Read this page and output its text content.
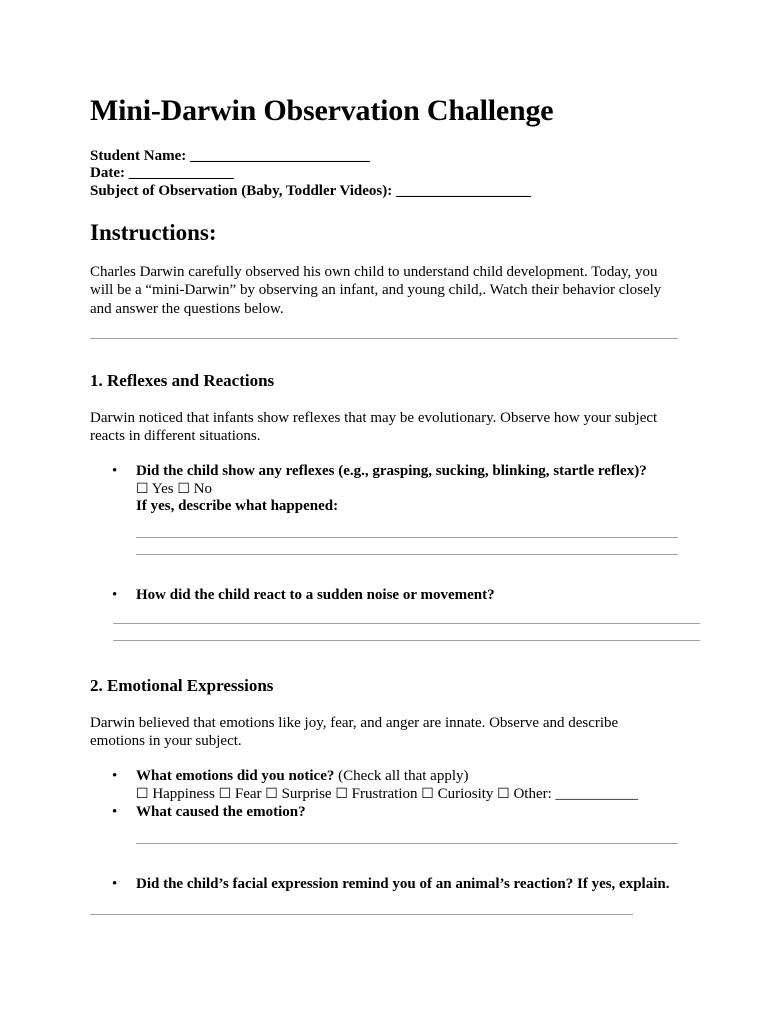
Mini-Darwin Observation Challenge
Student Name: ________________________
Date: ______________
Subject of Observation (Baby, Toddler Videos): __________________
Instructions:
Charles Darwin carefully observed his own child to understand child development. Today, you
will be a “mini-Darwin” by observing an infant, and young child,. Watch their behavior closely
and answer the questions below.
1. Reflexes and Reactions
Darwin noticed that infants show reflexes that may be evolutionary. Observe how your subject
reacts in different situations.
• Did the child show any reflexes (e.g., grasping, sucking, blinking, startle reflex)?
☐ Yes ☐ No
If yes, describe what happened:
• How did the child react to a sudden noise or movement?
2. Emotional Expressions
Darwin believed that emotions like joy, fear, and anger are innate. Observe and describe
emotions in your subject.
• What emotions did you notice? (Check all that apply)
☐ Happiness ☐ Fear ☐ Surprise ☐ Frustration ☐ Curiosity ☐ Other: ___________
• What caused the emotion?
• Did the child’s facial expression remind you of an animal’s reaction? If yes, explain.
